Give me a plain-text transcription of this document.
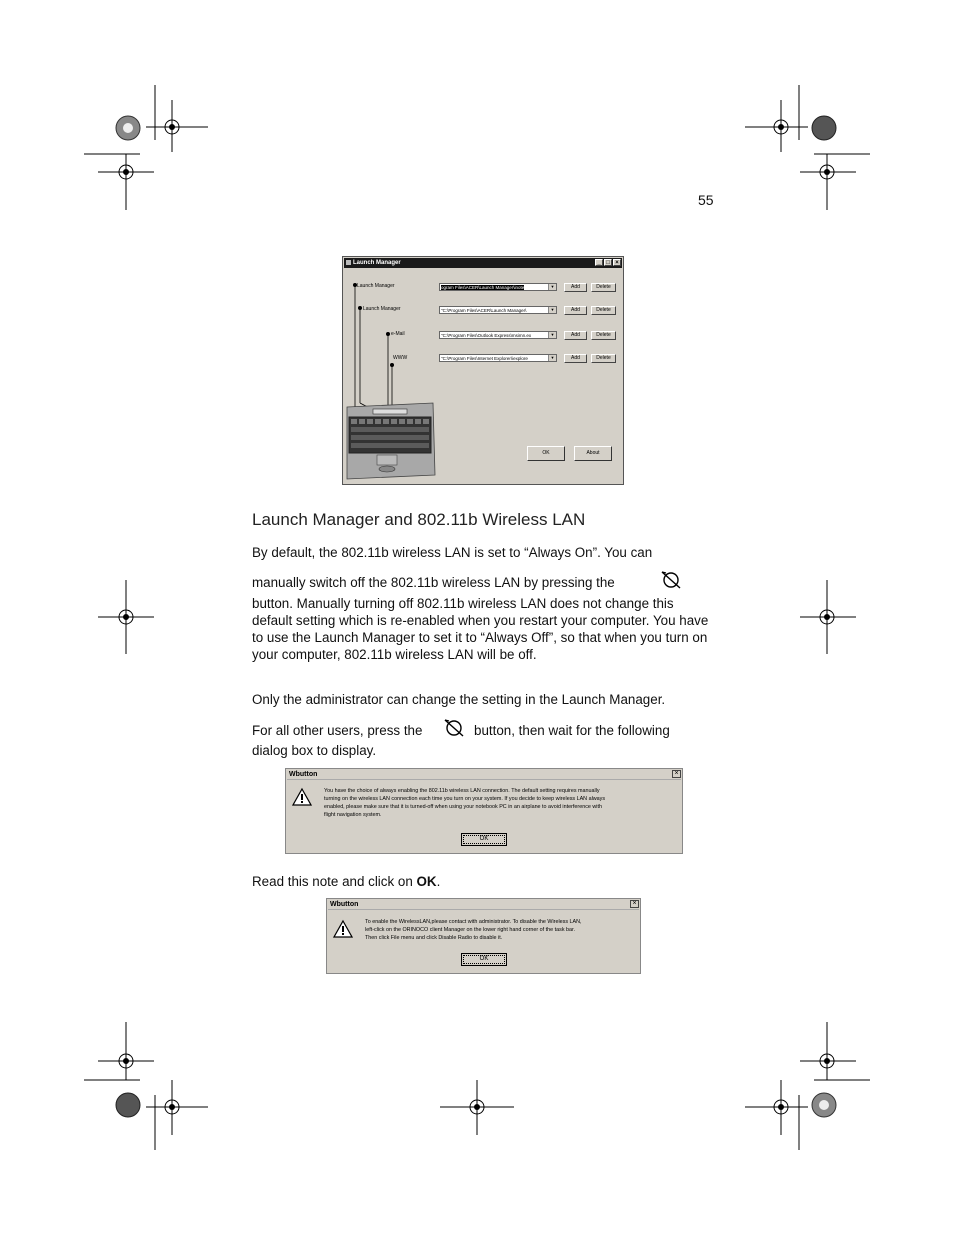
55
Launch Manager	_ □ ×
Launch Manager
Launch Manager
e-Mail
WWW
ogram Files\ACER\Launch Manager\inote	▼
"C:\Program Files\ACER\Launch Manager\	▼
"C:\Program Files\Outlook Express\msimn.ex	▼
"C:\Program Files\Internet Explorer\iexplore	▼
Add	Delete
Add	Delete
Add	Delete
Add	Delete
OK	About
Launch Manager and 802.11b Wireless LAN
By default, the 802.11b wireless LAN is set to “Always On”. You can
manually switch off the 802.11b wireless LAN by pressing the
button. Manually turning off 802.11b wireless LAN does not change this default setting which is re-enabled when you restart your computer. You have to use the Launch Manager to set it to “Always Off”, so that when you turn on your computer, 802.11b wireless LAN will be off.
Only the administrator can change the setting in the Launch Manager.
For all other users, press the	button, then wait for the following
dialog box to display.
Wbutton	×
You have the choice of always enabling the 802.11b wireless LAN connection. The default setting requires manually
turning on the wireless LAN connection each time you turn on your system. If you decide to keep wireless LAN always
enabled, please make sure that it is turned-off when using your notebook PC in an airplane to avoid interference with
flight navigation system.
OK
Read this note and click on OK.
Wbutton	×
To enable the WirelessLAN,please contact with administrator. To disable the Wireless LAN,
left-click on the ORINOCO client Manager on the lower right hand corner of the task bar.
Then click File menu and click Disable Radio to disable it.
OK
